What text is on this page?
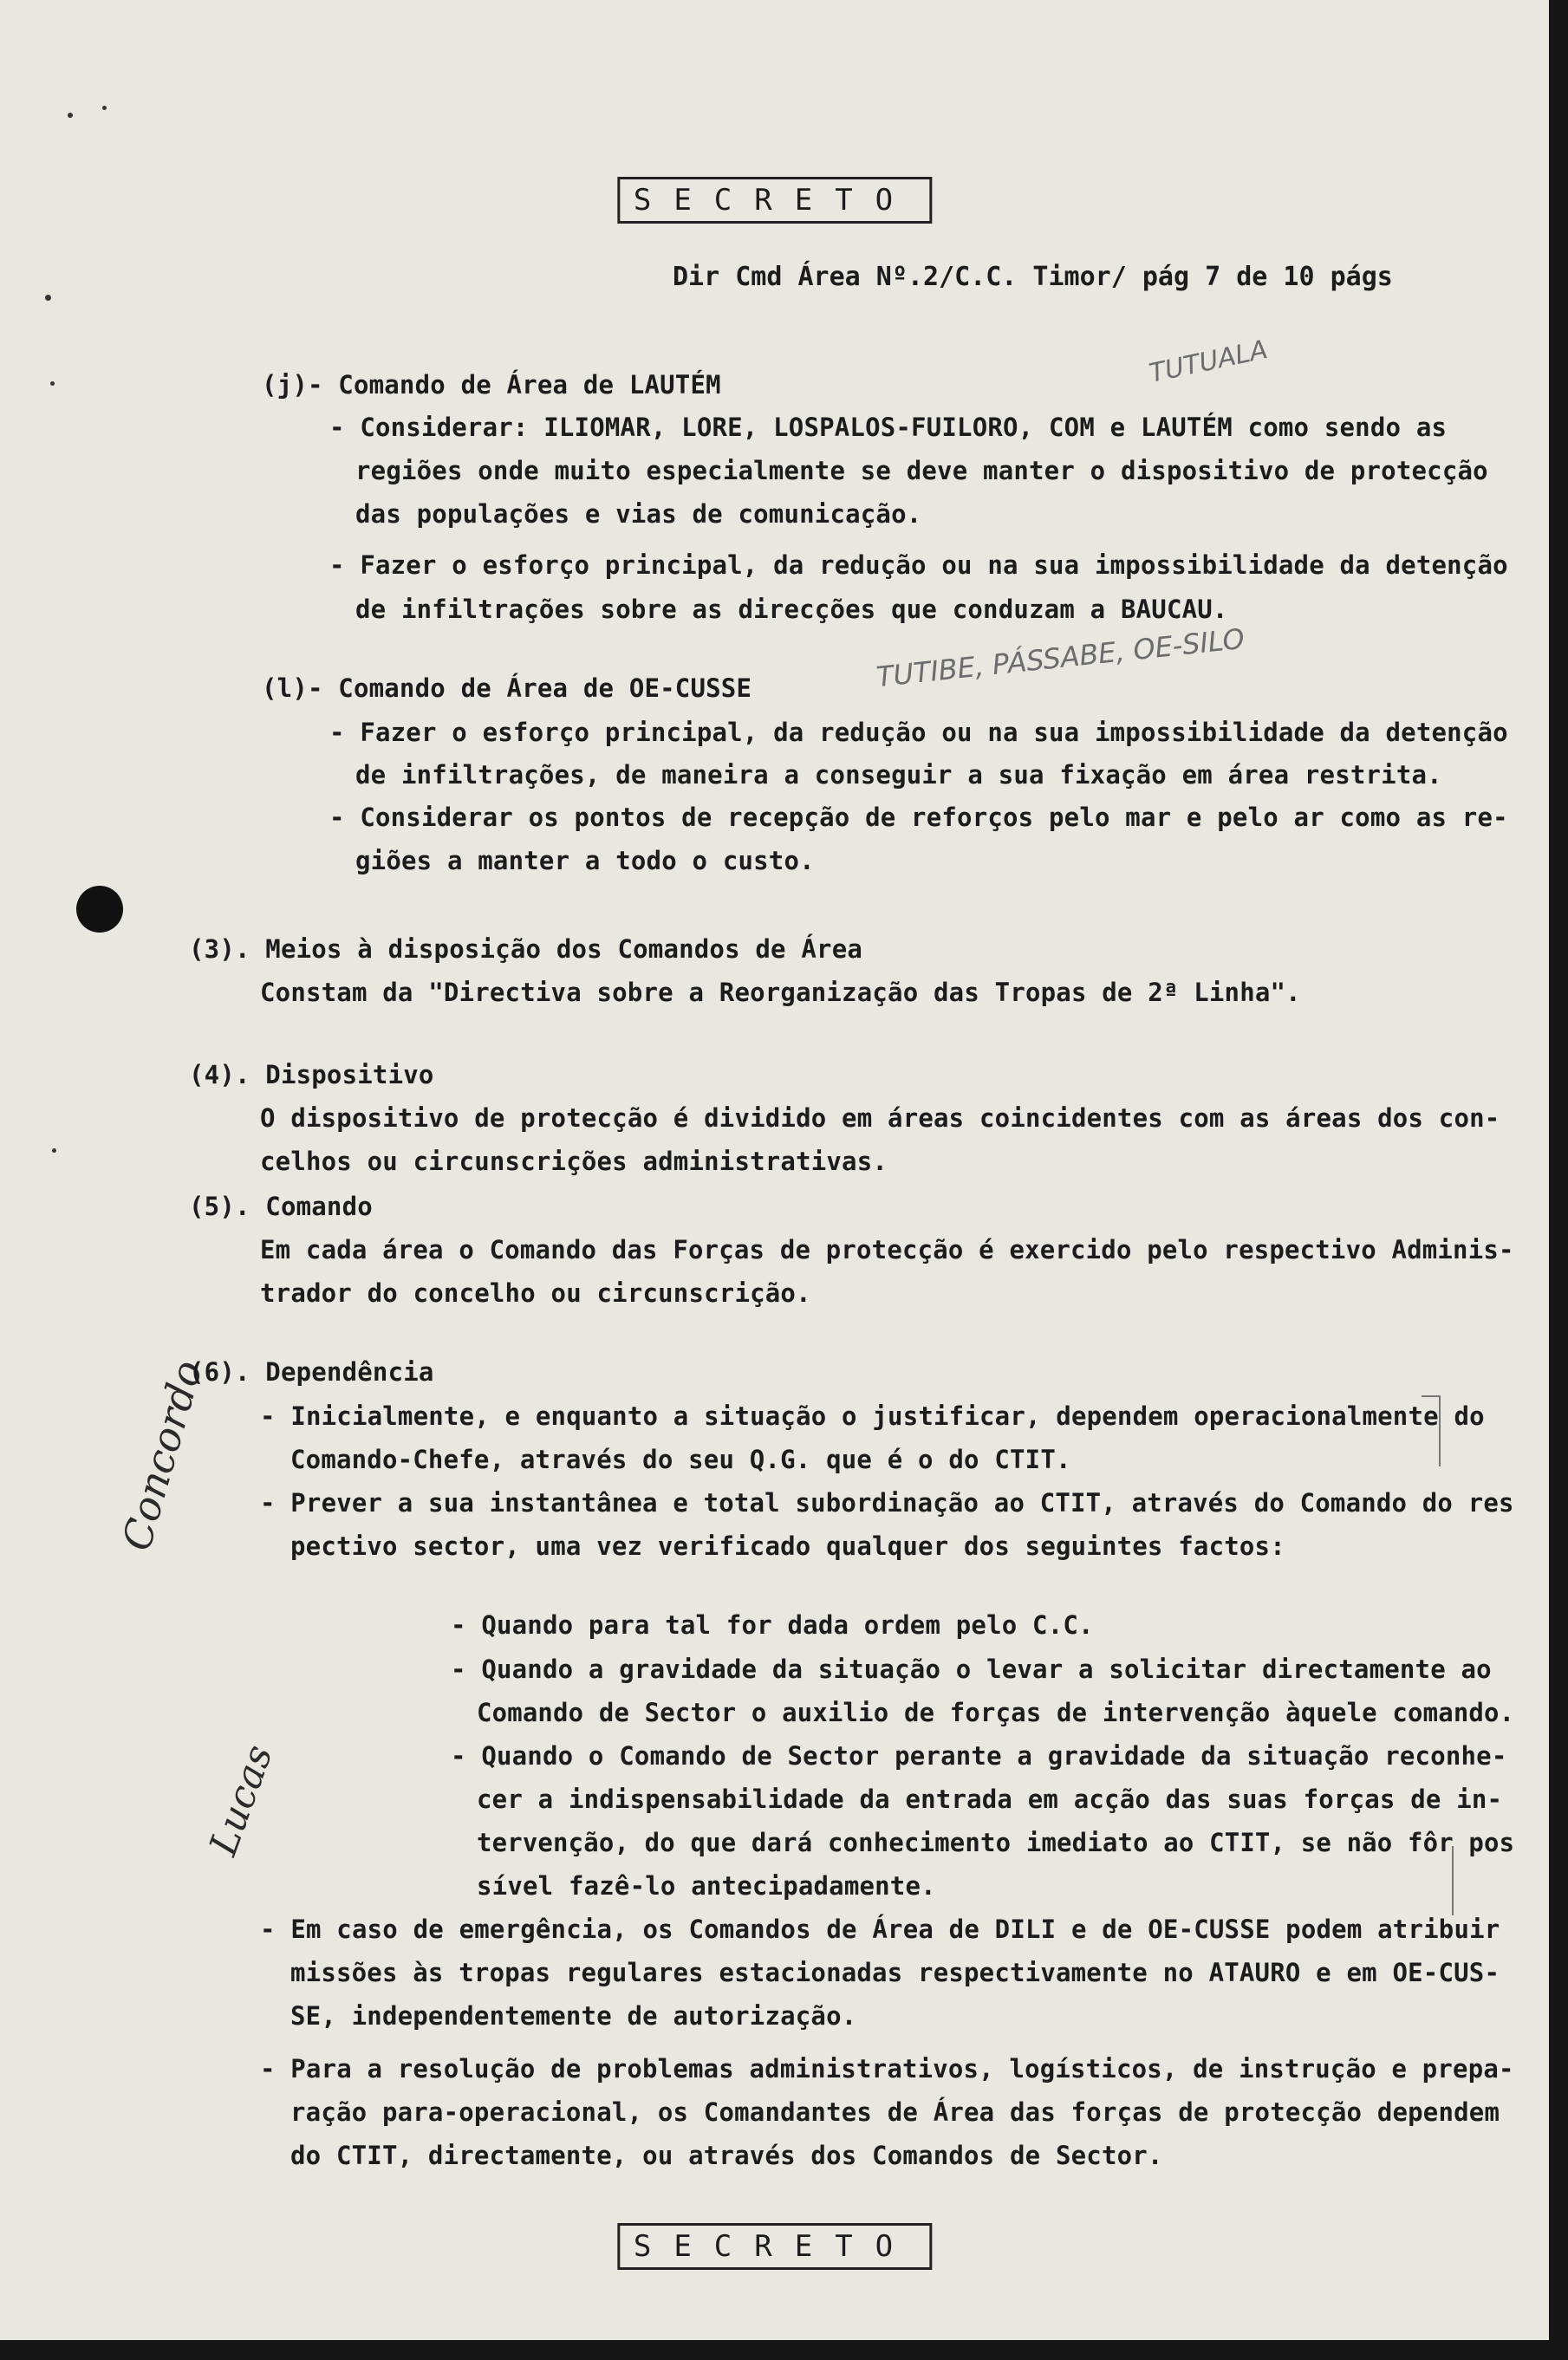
SECRETO
Dir Cmd Área Nº.2/C.C. Timor/ pág 7 de 10 págs
TUTUALA
TUTIBE, PÁSSABE, OE-SILO
Concordo
Lucas
(j)- Comando de Área de LAUTÉM
- Considerar: ILIOMAR, LORE, LOSPALOS-FUILORO, COM e LAUTÉM como sendo as
regiões onde muito especialmente se deve manter o dispositivo de protecção
das populações e vias de comunicação.
- Fazer o esforço principal, da redução ou na sua impossibilidade da detenção
de infiltrações sobre as direcções que conduzam a BAUCAU.
(l)- Comando de Área de OE-CUSSE
- Fazer o esforço principal, da redução ou na sua impossibilidade da detenção
de infiltrações, de maneira a conseguir a sua fixação em área restrita.
- Considerar os pontos de recepção de reforços pelo mar e pelo ar como as re-
giões a manter a todo o custo.
(3). Meios à disposição dos Comandos de Área
Constam da "Directiva sobre a Reorganização das Tropas de 2ª Linha".
(4). Dispositivo
O dispositivo de protecção é dividido em áreas coincidentes com as áreas dos con-
celhos ou circunscrições administrativas.
(5). Comando
Em cada área o Comando das Forças de protecção é exercido pelo respectivo Adminis-
trador do concelho ou circunscrição.
(6). Dependência
- Inicialmente, e enquanto a situação o justificar, dependem operacionalmente do
Comando-Chefe, através do seu Q.G. que é o do CTIT.
- Prever a sua instantânea e total subordinação ao CTIT, através do Comando do res
pectivo sector, uma vez verificado qualquer dos seguintes factos:
- Quando para tal for dada ordem pelo C.C.
- Quando a gravidade da situação o levar a solicitar directamente ao
Comando de Sector o auxilio de forças de intervenção àquele comando.
- Quando o Comando de Sector perante a gravidade da situação reconhe-
cer a indispensabilidade da entrada em acção das suas forças de in-
tervenção, do que dará conhecimento imediato ao CTIT, se não fôr pos
sível fazê-lo antecipadamente.
- Em caso de emergência, os Comandos de Área de DILI e de OE-CUSSE podem atribuir
missões às tropas regulares estacionadas respectivamente no ATAURO e em OE-CUS-
SE, independentemente de autorização.
- Para a resolução de problemas administrativos, logísticos, de instrução e prepa-
ração para-operacional, os Comandantes de Área das forças de protecção dependem
do CTIT, directamente, ou através dos Comandos de Sector.
SECRETO
